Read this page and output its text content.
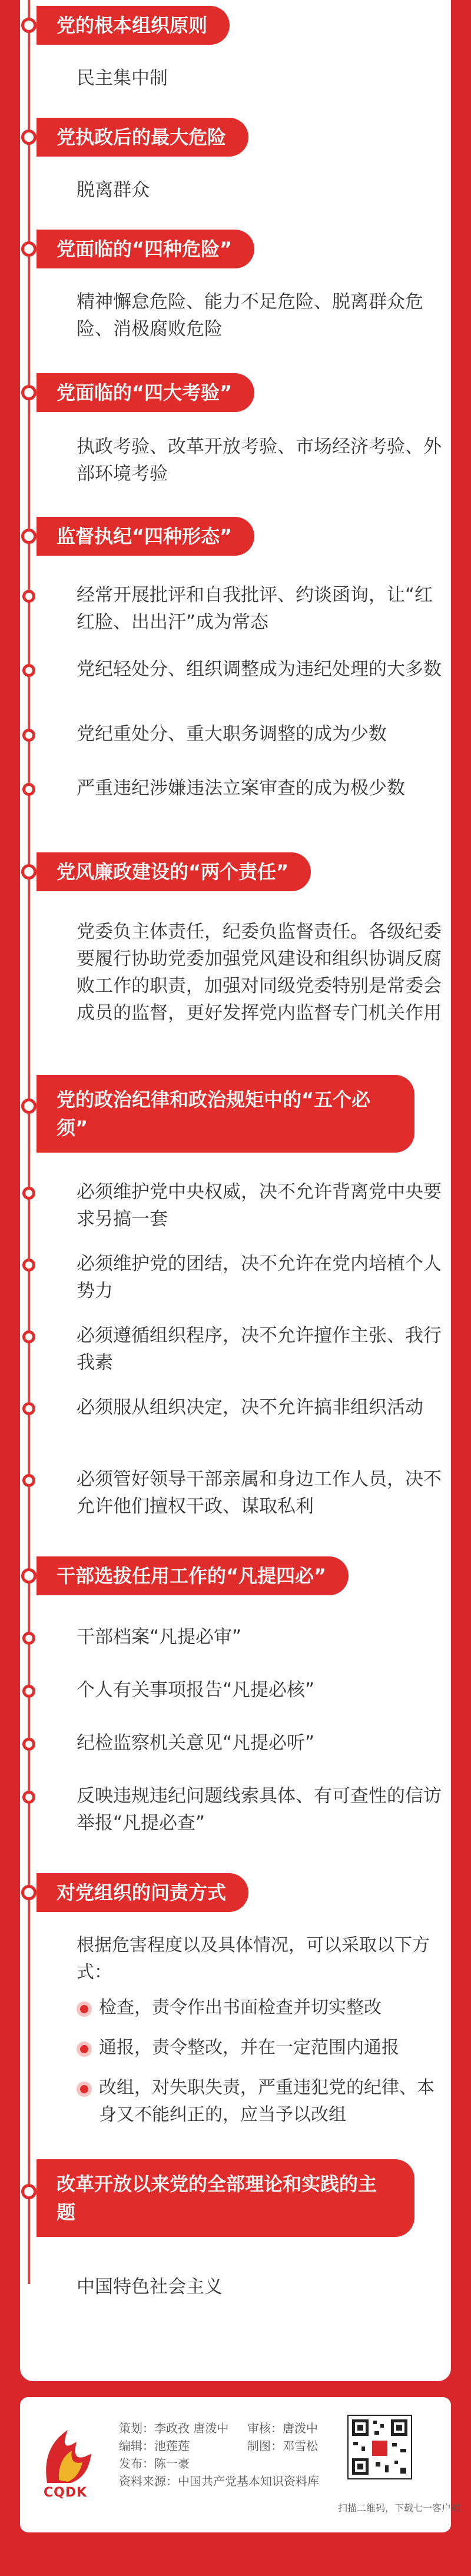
党的根本组织原则
民主集中制
党执政后的最大危险
脱离群众
党面临的“四种危险”
精神懈怠危险、能力不足危险、脱离群众危险、消极腐败危险
党面临的“四大考验”
执政考验、改革开放考验、市场经济考验、外部环境考验
监督执纪“四种形态”
经常开展批评和自我批评、约谈函询，让“红红脸、出出汗”成为常态
党纪轻处分、组织调整成为违纪处理的大多数
党纪重处分、重大职务调整的成为少数
严重违纪涉嫌违法立案审查的成为极少数
党风廉政建设的“两个责任”
党委负主体责任，纪委负监督责任。各级纪委要履行协助党委加强党风建设和组织协调反腐败工作的职责，加强对同级党委特别是常委会成员的监督，更好发挥党内监督专门机关作用
党的政治纪律和政治规矩中的“五个必须”
必须维护党中央权威，决不允许背离党中央要求另搞一套
必须维护党的团结，决不允许在党内培植个人势力
必须遵循组织程序，决不允许擅作主张、我行我素
必须服从组织决定，决不允许搞非组织活动
必须管好领导干部亲属和身边工作人员，决不允许他们擅权干政、谋取私利
干部选拔任用工作的“凡提四必”
干部档案“凡提必审”
个人有关事项报告“凡提必核”
纪检监察机关意见“凡提必听”
反映违规违纪问题线索具体、有可查性的信访举报“凡提必查”
对党组织的问责方式
根据危害程度以及具体情况，可以采取以下方式：
检查，责令作出书面检查并切实整改
通报，责令整改，并在一定范围内通报
改组，对失职失责，严重违犯党的纪律、本身又不能纠正的，应当予以改组
改革开放以来党的全部理论和实践的主题
中国特色社会主义
CQDK
策划：李政孜 唐泼中
编辑：池莲莲
发布：陈一豪
资料来源：中国共产党基本知识资料库
审核：唐泼中
制图：邓雪松
扫描二维码，下载七一客户端
